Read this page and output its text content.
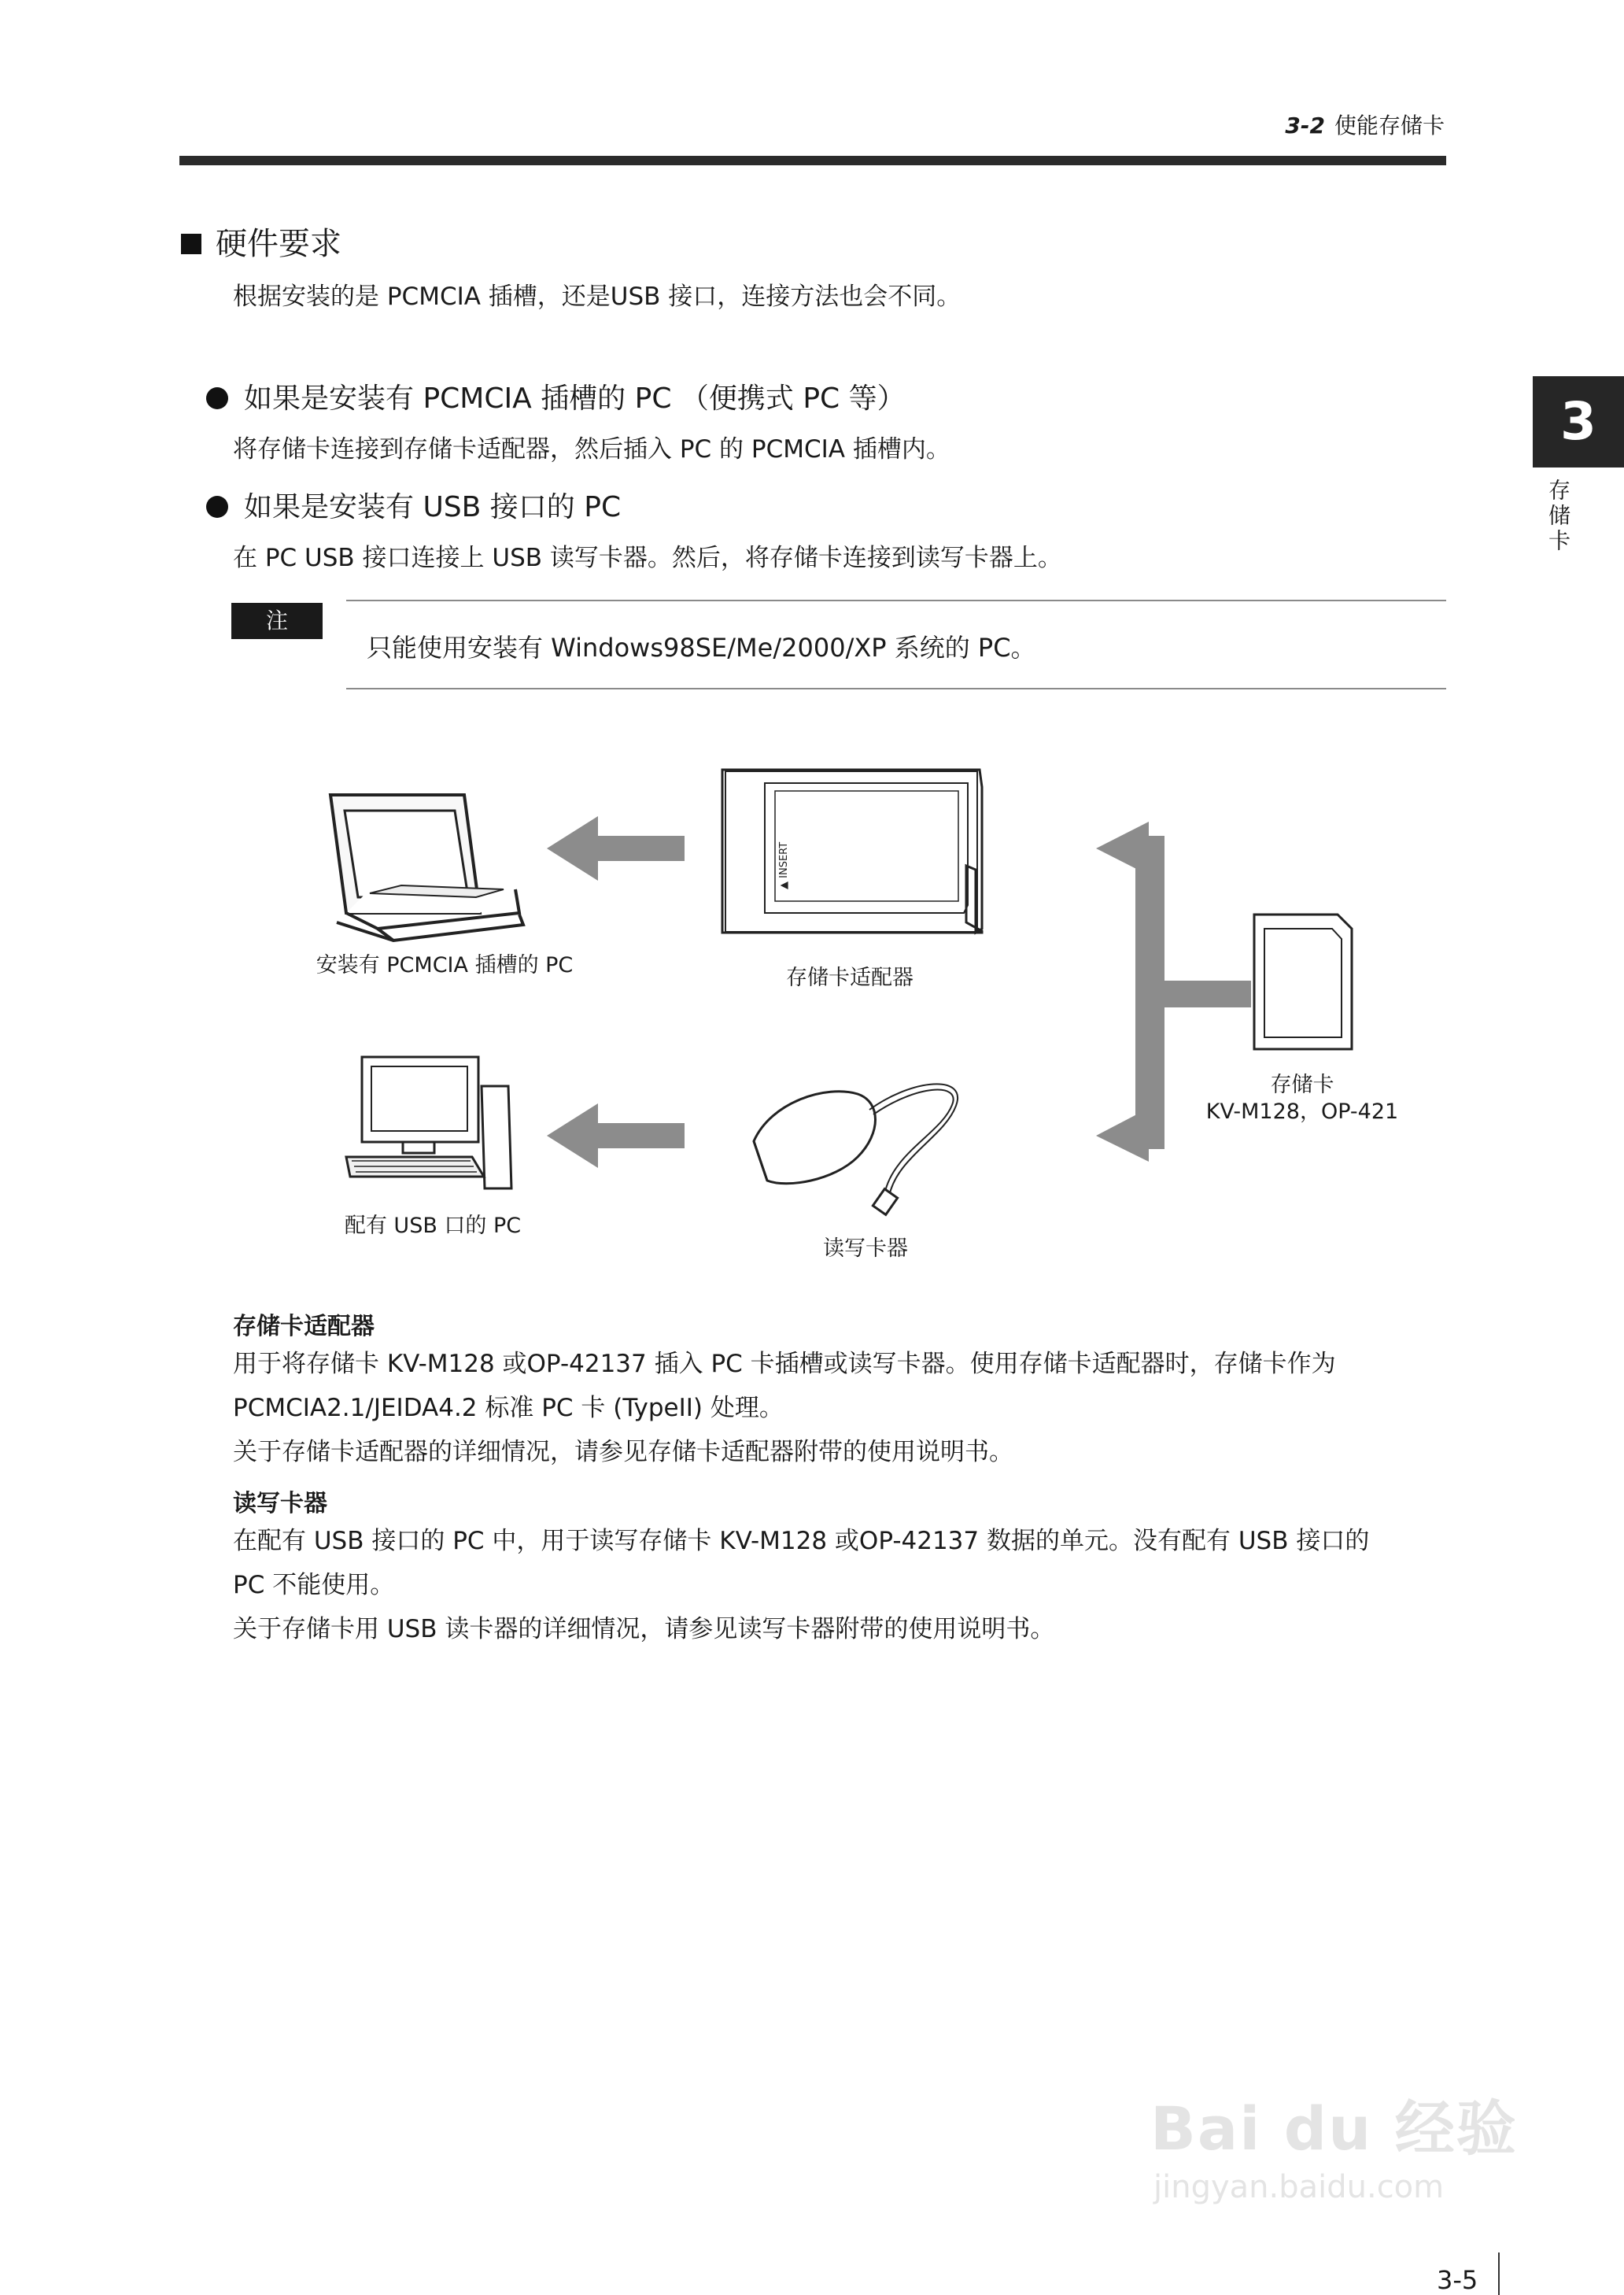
3-2 使能存储卡
3
存储卡
硬件要求
根据安装的是 PCMCIA 插槽，还是USB 接口，连接方法也会不同。
如果是安装有 PCMCIA 插槽的 PC （便携式 PC 等）
将存储卡连接到存储卡适配器，然后插入 PC 的 PCMCIA 插槽内。
如果是安装有 USB 接口的 PC
在 PC USB 接口连接上 USB 读写卡器。然后，将存储卡连接到读写卡器上。
注
只能使用安装有 Windows98SE/Me/2000/XP 系统的 PC。
▲ INSERT
安装有 PCMCIA 插槽的 PC
存储卡适配器
存储卡
KV-M128，OP-421
配有 USB 口的 PC
读写卡器
存储卡适配器
用于将存储卡 KV-M128 或OP-42137 插入 PC 卡插槽或读写卡器。使用存储卡适配器时，存储卡作为
PCMCIA2.1/JEIDA4.2 标准 PC 卡 (TypeII) 处理。
关于存储卡适配器的详细情况，请参见存储卡适配器附带的使用说明书。
读写卡器
在配有 USB 接口的 PC 中，用于读写存储卡 KV-M128 或OP-42137 数据的单元。没有配有 USB 接口的
PC 不能使用。
关于存储卡用 USB 读卡器的详细情况，请参见读写卡器附带的使用说明书。
Bai du 经验
jingyan.baidu.com
3-5
